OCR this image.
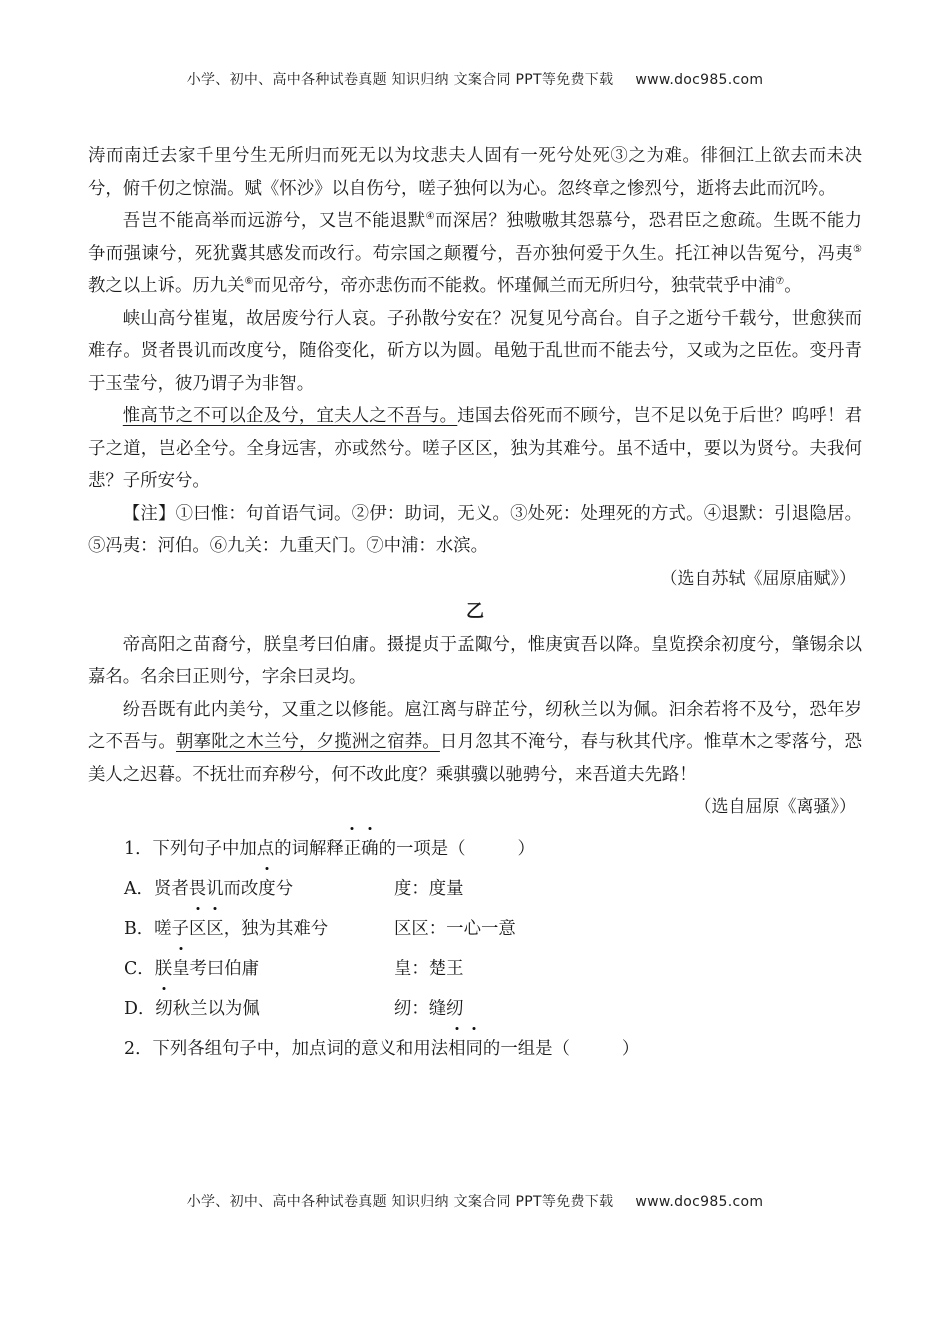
小学、初中、高中各种试卷真题 知识归纳 文案合同 PPT等免费下载 www.doc985.com

涛而南迁去家千里兮生无所归而死无以为坟悲夫人固有一死兮处死③之为难。徘徊江上欲去而未决兮，俯千仞之惊湍。赋《怀沙》以自伤兮，嗟子独何以为心。忽终章之惨烈兮，逝将去此而沉吟。

吾岂不能高举而远游兮，又岂不能退默④而深居？独嗷嗷其怨慕兮，恐君臣之愈疏。生既不能力争而强谏兮，死犹冀其感发而改行。苟宗国之颠覆兮，吾亦独何爱于久生。托江神以告冤兮，冯夷⑤教之以上诉。历九关⑥而见帝兮，帝亦悲伤而不能救。怀瑾佩兰而无所归兮，独茕茕乎中浦⑦。

峡山高兮崔嵬，故居废兮行人哀。子孙散兮安在？况复见兮高台。自子之逝兮千载兮，世愈狭而难存。贤者畏讥而改度兮，随俗变化，斫方以为圆。黾勉于乱世而不能去兮，又或为之臣佐。变丹青于玉莹兮，彼乃谓子为非智。

惟高节之不可以企及兮，宜夫人之不吾与。违国去俗死而不顾兮，岂不足以免于后世？呜呼！君子之道，岂必全兮。全身远害，亦或然兮。嗟子区区，独为其难兮。虽不适中，要以为贤兮。夫我何悲？子所安兮。

【注】①曰惟：句首语气词。②伊：助词，无义。③处死：处理死的方式。④退默：引退隐居。⑤冯夷：河伯。⑥九关：九重天门。⑦中浦：水滨。

（选自苏轼《屈原庙赋》）

乙

帝高阳之苗裔兮，朕皇考曰伯庸。摄提贞于孟陬兮，惟庚寅吾以降。皇览揆余初度兮，肇锡余以嘉名。名余曰正则兮，字余曰灵均。

纷吾既有此内美兮，又重之以修能。扈江离与辟芷兮，纫秋兰以为佩。汩余若将不及兮，恐年岁之不吾与。朝搴阰之木兰兮，夕揽洲之宿莽。日月忽其不淹兮，春与秋其代序。惟草木之零落兮，恐美人之迟暮。不抚壮而弃秽兮，何不改此度？乘骐骥以驰骋兮，来吾道夫先路！

（选自屈原《离骚》）

1．下列句子中加点的词解释正确的一项是（	）

A．贤者畏讥而改度兮	度：度量

B．嗟子区区，独为其难兮	区区：一心一意

C．朕皇考曰伯庸	皇：楚王

D．纫秋兰以为佩	纫：缝纫

2．下列各组句子中，加点词的意义和用法相同的一组是（	）

小学、初中、高中各种试卷真题 知识归纳 文案合同 PPT等免费下载 www.doc985.com
